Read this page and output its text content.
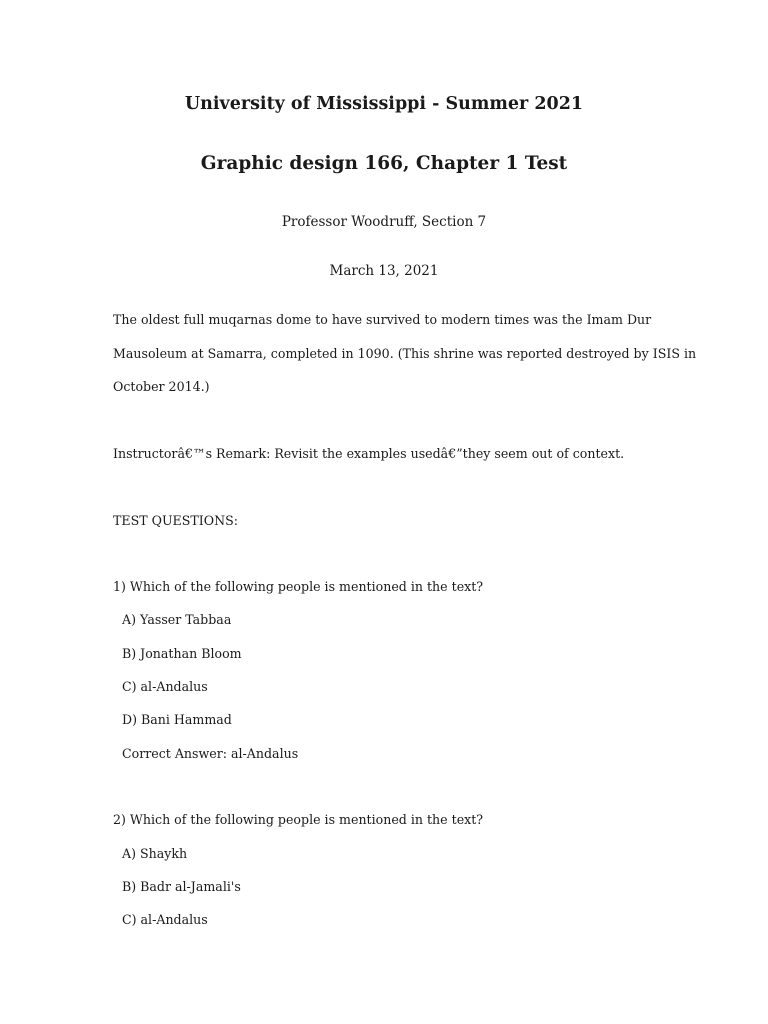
University of Mississippi - Summer 2021
Graphic design 166, Chapter 1 Test
Professor Woodruff, Section 7
March 13, 2021
The oldest full muqarnas dome to have survived to modern times was the Imam Dur
Mausoleum at Samarra, completed in 1090. (This shrine was reported destroyed by ISIS in
October 2014.)
Instructorâ€™s Remark: Revisit the examples usedâ€”they seem out of context.
TEST QUESTIONS:
1) Which of the following people is mentioned in the text?
A) Yasser Tabbaa
B) Jonathan Bloom
C) al-Andalus
D) Bani Hammad
Correct Answer: al-Andalus
2) Which of the following people is mentioned in the text?
A) Shaykh
B) Badr al-Jamali's
C) al-Andalus
